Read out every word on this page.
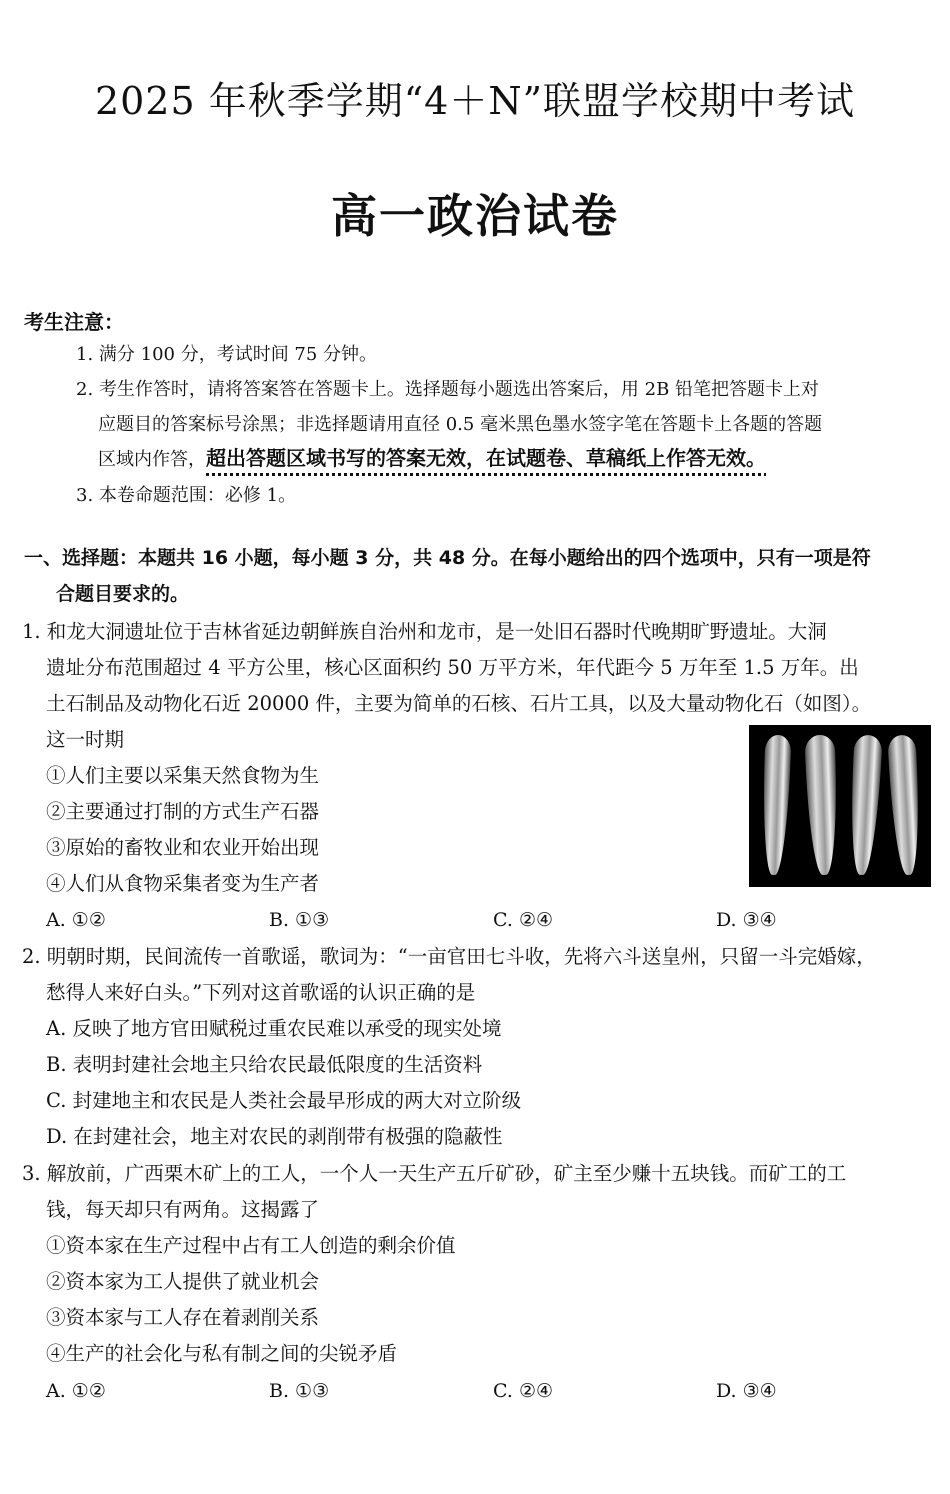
2025 年秋季学期“4＋N”联盟学校期中考试
高一政治试卷
考生注意：
1. 满分 100 分，考试时间 75 分钟。
2. 考生作答时，请将答案答在答题卡上。选择题每小题选出答案后，用 2B 铅笔把答题卡上对
应题目的答案标号涂黑；非选择题请用直径 0.5 毫米黑色墨水签字笔在答题卡上各题的答题
区域内作答，超出答题区域书写的答案无效，在试题卷、草稿纸上作答无效。
3. 本卷命题范围：必修 1。
一、选择题：本题共 16 小题，每小题 3 分，共 48 分。在每小题给出的四个选项中，只有一项是符
合题目要求的。
1. 和龙大洞遗址位于吉林省延边朝鲜族自治州和龙市，是一处旧石器时代晚期旷野遗址。大洞
遗址分布范围超过 4 平方公里，核心区面积约 50 万平方米，年代距今 5 万年至 1.5 万年。出
土石制品及动物化石近 20000 件，主要为简单的石核、石片工具，以及大量动物化石（如图）。
这一时期
①人们主要以采集天然食物为生
②主要通过打制的方式生产石器
③原始的畜牧业和农业开始出现
④人们从食物采集者变为生产者
A. ①②	B. ①③	C. ②④	D. ③④
2. 明朝时期，民间流传一首歌谣，歌词为：“一亩官田七斗收，先将六斗送皇州，只留一斗完婚嫁，
愁得人来好白头。”下列对这首歌谣的认识正确的是
A. 反映了地方官田赋税过重农民难以承受的现实处境
B. 表明封建社会地主只给农民最低限度的生活资料
C. 封建地主和农民是人类社会最早形成的两大对立阶级
D. 在封建社会，地主对农民的剥削带有极强的隐蔽性
3. 解放前，广西栗木矿上的工人，一个人一天生产五斤矿砂，矿主至少赚十五块钱。而矿工的工
钱，每天却只有两角。这揭露了
①资本家在生产过程中占有工人创造的剩余价值
②资本家为工人提供了就业机会
③资本家与工人存在着剥削关系
④生产的社会化与私有制之间的尖锐矛盾
A. ①②	B. ①③	C. ②④	D. ③④
